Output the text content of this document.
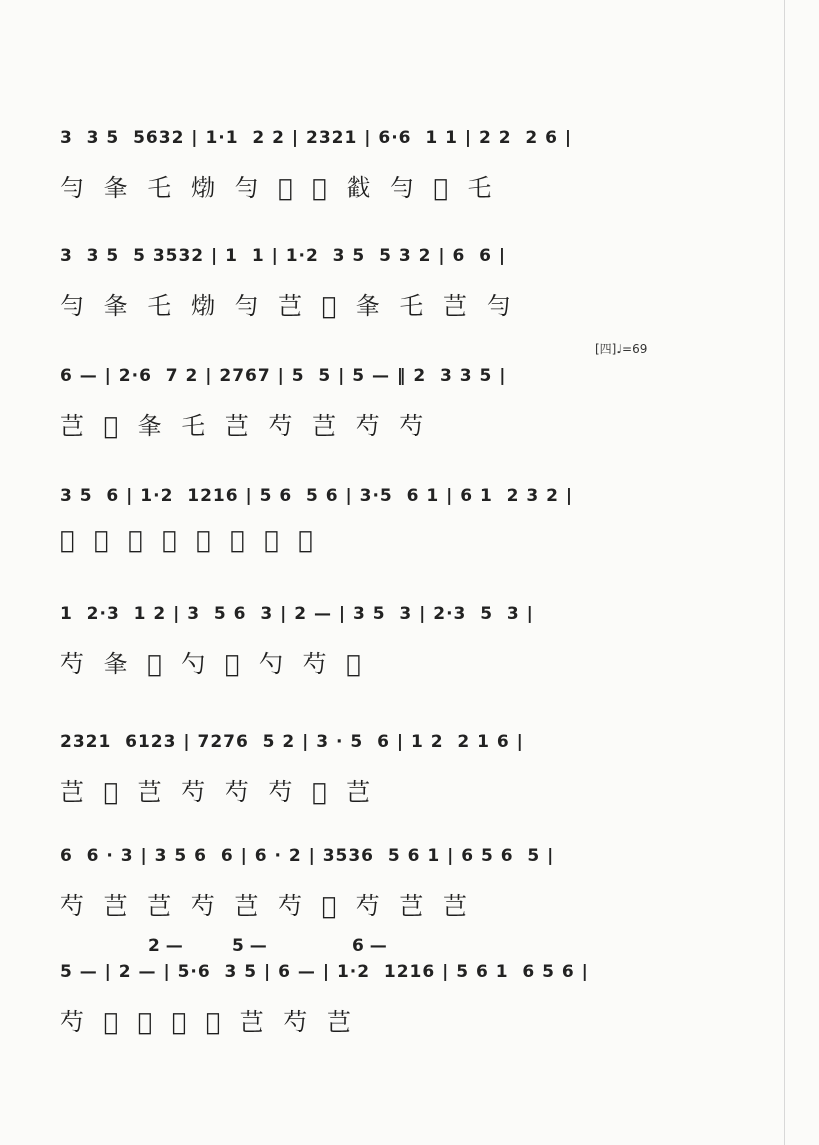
[四]♩=69
2 —	5 —	6 —
3  3 5  5632 | 1·1  2 2 | 2321 | 6·6  1 1 | 2 2  2 6 |
勻 夆 乇 𤊹 勻 𦭘 𦭘 𢧵 勻 𦭘 乇
3  3 5  5 3532 | 1  1 | 1·2  3 5  5 3 2 | 6  6 |
勻 夆 乇 𤊹 勻 芑 𦭘 夆 乇 芑 勻
6 — | 2·6  7 2 | 2767 | 5  5 | 5 — ‖ 2  3 3 5 |
芑 𦭘 夆 乇 芑 芍 芑 芍 芍
3 5  6 | 1·2  1216 | 5 6  5 6 | 3·5  6 1 | 6 1  2 3 2 |
𦭘 芍 𦭘 芑 冩 𦭘 冩 芍
1  2·3  1 2 | 3  5 6  3 | 2 — | 3 5  3 | 2·3  5  3 |
芍 夆 𦭘 勺 𦭘 勺 芍 𦭘
2321  6123 | 7276  5 2 | 3 · 5  6 | 1 2  2 1 6 |
芑 𦭘 芑 芍 芍 芍 𦭘 芑
6  6 · 3 | 3 5 6  6 | 6 · 2 | 3536  5 6 1 | 6 5 6  5 |
芍 芑 芑 芍 芑 芍 𦭘 芍 芑 芑
5 — | 2 — | 5·6  3 5 | 6 — | 1·2  1216 | 5 6 1  6 5 6 |
芍 𦭘 𦭘 𦭘 𦭘 芑 芍 芑
